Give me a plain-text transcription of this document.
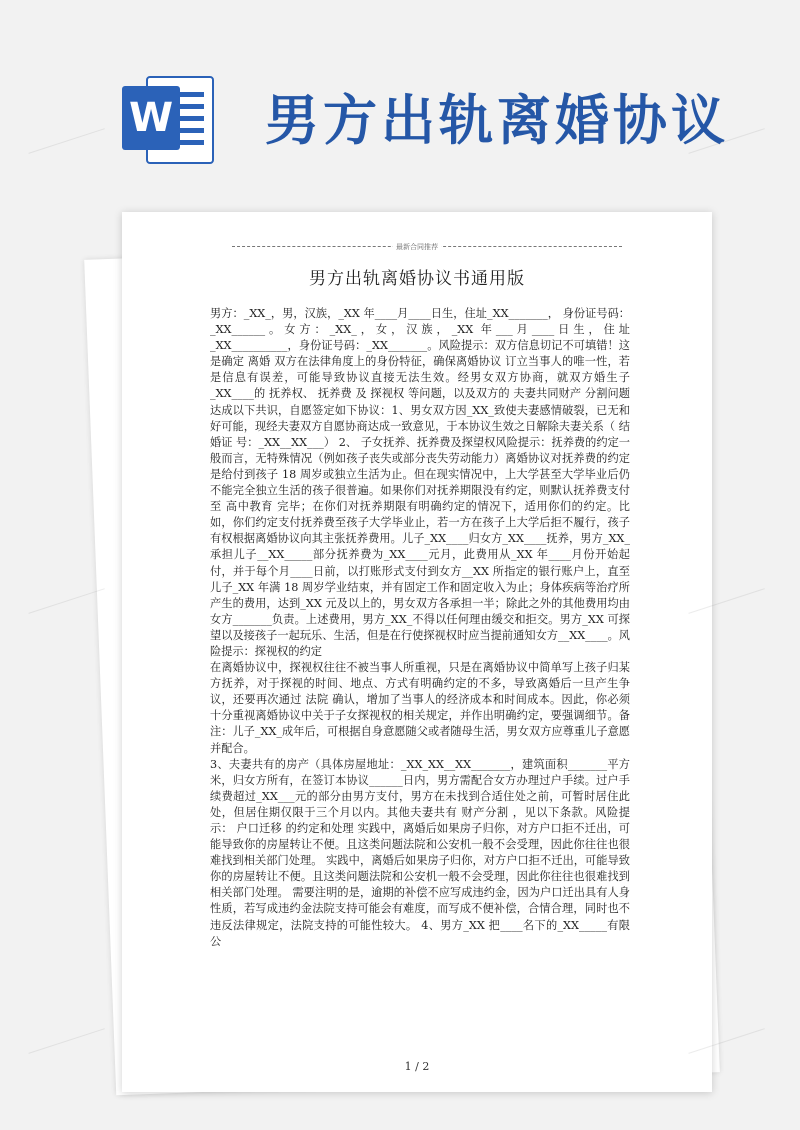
W 男方出轨离婚协议
最新合同推荐
男方出轨离婚协议书通用版

男方：_XX_，男，汉族，_XX 年____月____日生，住址_XX_______， 身份证号码：_XX______。女方：_XX_，女，汉族，_XX 年___月____日生，住址_XX__________，身份证号码：_XX_______。风险提示：双方信息切记不可填错！这是确定 离婚 双方在法律角度上的身份特征，确保离婚协议 订立当事人的唯一性，若是信息有误差，可能导致协议直接无法生效。经男女双方协商，就双方婚生子_XX____的 抚养权、 抚养费 及 探视权 等问题，以及双方的 夫妻共同财产 分割问题达成以下共识，自愿签定如下协议：1、男女双方因_XX_致使夫妻感情破裂，已无和好可能，现经夫妻双方自愿协商达成一致意见，于本协议生效之日解除夫妻关系（ 结婚证 号：_XX__XX___） 2、 子女抚养、抚养费及探望权风险提示：抚养费的约定一般而言，无特殊情况（例如孩子丧失或部分丧失劳动能力）离婚协议对抚养费的约定是给付到孩子 18 周岁或独立生活为止。但在现实情况中，上大学甚至大学毕业后仍不能完全独立生活的孩子很普遍。如果你们对抚养期限没有约定，则默认抚养费支付至 高中教育 完毕；在你们对抚养期限有明确约定的情况下，适用你们的约定。比如，你们约定支付抚养费至孩子大学毕业止，若一方在孩子上大学后拒不履行，孩子有权根据离婚协议向其主张抚养费用。儿子_XX____归女方_XX____抚养，男方_XX_承担儿子__XX_____部分抚养费为_XX____元月，此费用从_XX 年____月份开始起付，并于每个月____日前，以打账形式支付到女方__XX 所指定的银行账户上，直至儿子_XX 年满 18 周岁学业结束，并有固定工作和固定收入为止；身体疾病等治疗所产生的费用，达到_XX 元及以上的，男女双方各承担一半；除此之外的其他费用均由女方_______负责。上述费用，男方_XX_不得以任何理由缓交和拒交。男方_XX 可探望以及接孩子一起玩乐、生活，但是在行使探视权时应当提前通知女方__XX____。风险提示：探视权的约定

在离婚协议中，探视权往往不被当事人所重视，只是在离婚协议中简单写上孩子归某方抚养，对于探视的时间、地点、方式有明确约定的不多，导致离婚后一旦产生争议，还要再次通过 法院 确认，增加了当事人的经济成本和时间成本。因此，你必须十分重视离婚协议中关于子女探视权的相关规定，并作出明确约定，要强调细节。备注：儿子_XX_成年后，可根据自身意愿随父或者随母生活，男女双方应尊重儿子意愿并配合。

3、夫妻共有的房产（具体房屋地址：_XX_XX__XX_______，建筑面积_______平方米，归女方所有，在签订本协议______日内，男方需配合女方办理过户手续。过户手续费超过_XX___元的部分由男方支付，男方在未找到合适住处之前，可暂时居住此处，但居住期仅限于三个月以内。其他夫妻共有 财产分割 ，见以下条款。风险提示： 户口迁移 的约定和处理 实践中，离婚后如果房子归你，对方户口拒不迁出，可能导致你的房屋转让不便。且这类问题法院和公安机一般不会受理，因此你往往也很难找到相关部门处理。 实践中，离婚后如果房子归你，对方户口拒不迁出，可能导致你的房屋转让不便。且这类问题法院和公安机一般不会受理，因此你往往也很难找到相关部门处理。 需要注明的是，逾期的补偿不应写成违约金，因为户口迁出具有人身性质，若写成违约金法院支持可能会有难度，而写成不便补偿，合情合理，同时也不违反法律规定，法院支持的可能性较大。 4、男方_XX 把____名下的_XX_____有限公

1 / 2
